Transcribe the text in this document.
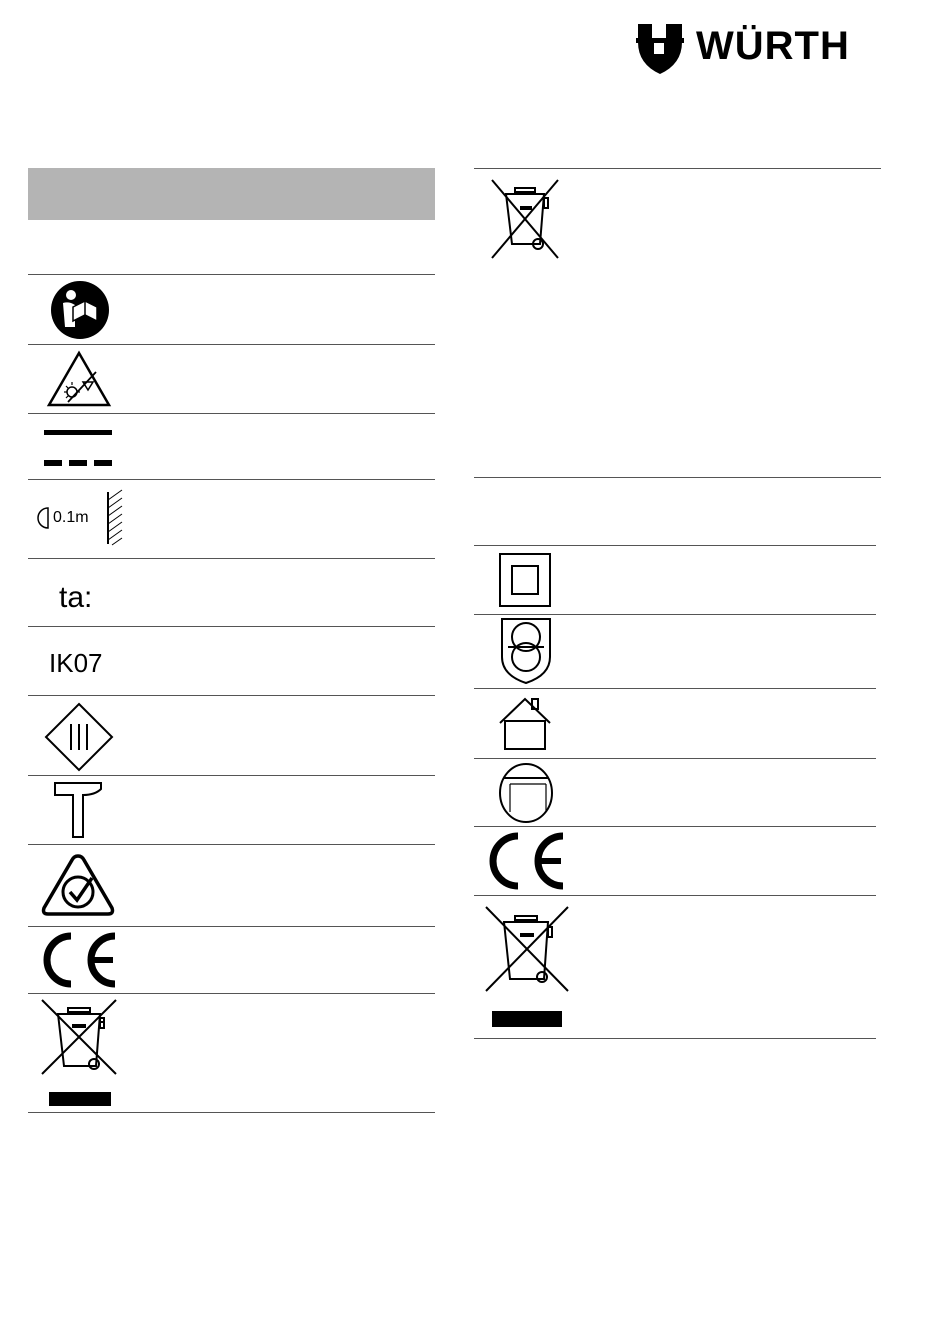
WÜRTH
0.1m
ta:
IK07
